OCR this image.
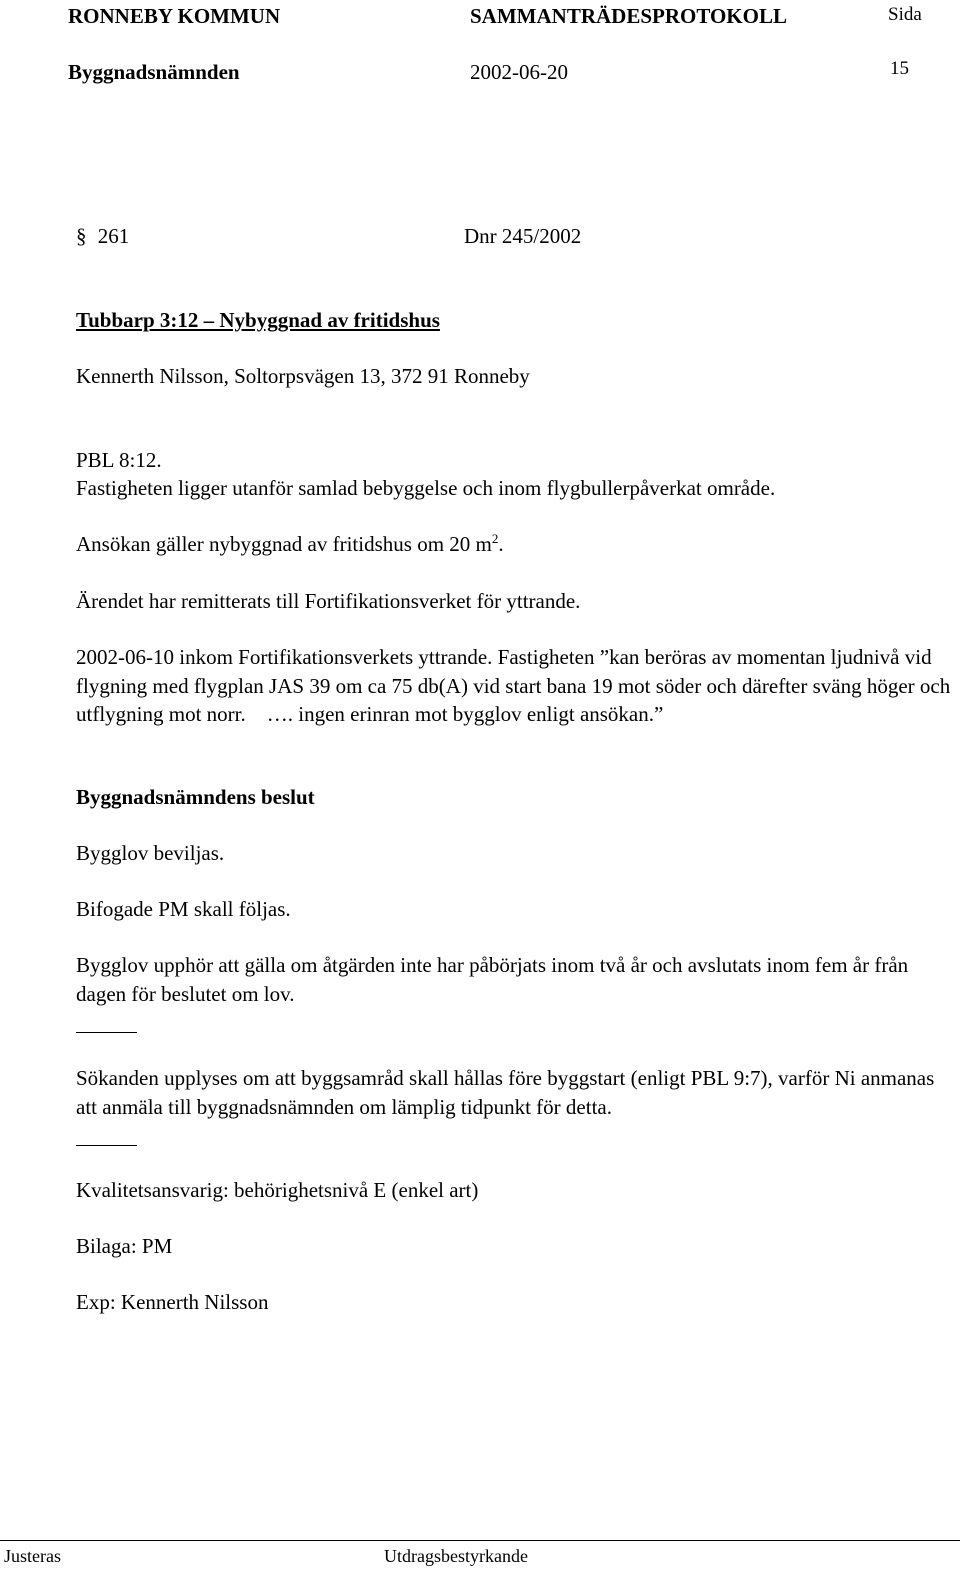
RONNEBY KOMMUN	SAMMANTRÄDESPROTOKOLL	Sida
Byggnadsnämnden	2002-06-20	15
§ 261	Dnr 245/2002
Tubbarp 3:12 – Nybyggnad av fritidshus
Kennerth Nilsson, Soltorpsvägen 13, 372 91 Ronneby
PBL 8:12.
Fastigheten ligger utanför samlad bebyggelse och inom flygbullerpåverkat område.
Ansökan gäller nybyggnad av fritidshus om 20 $m^2$.
Ärendet har remitterats till Fortifikationsverket för yttrande.
2002-06-10 inkom Fortifikationsverkets yttrande. Fastigheten ”kan beröras av momentan ljudnivå vid flygning med flygplan JAS 39 om ca 75 db(A) vid start bana 19 mot söder och därefter sväng höger och utflygning mot norr.    …. ingen erinran mot bygglov enligt ansökan.”
Byggnadsnämndens beslut
Bygglov beviljas.
Bifogade PM skall följas.
Bygglov upphör att gälla om åtgärden inte har påbörjats inom två år och avslutats inom fem år från dagen för beslutet om lov.
Sökanden upplyses om att byggsamråd skall hållas före byggstart (enligt PBL 9:7), varför Ni anmanas att anmäla till byggnadsnämnden om lämplig tidpunkt för detta.
Kvalitetsansvarig: behörighetsnivå E (enkel art)
Bilaga: PM
Exp: Kennerth Nilsson
Justeras	Utdragsbestyrkande
